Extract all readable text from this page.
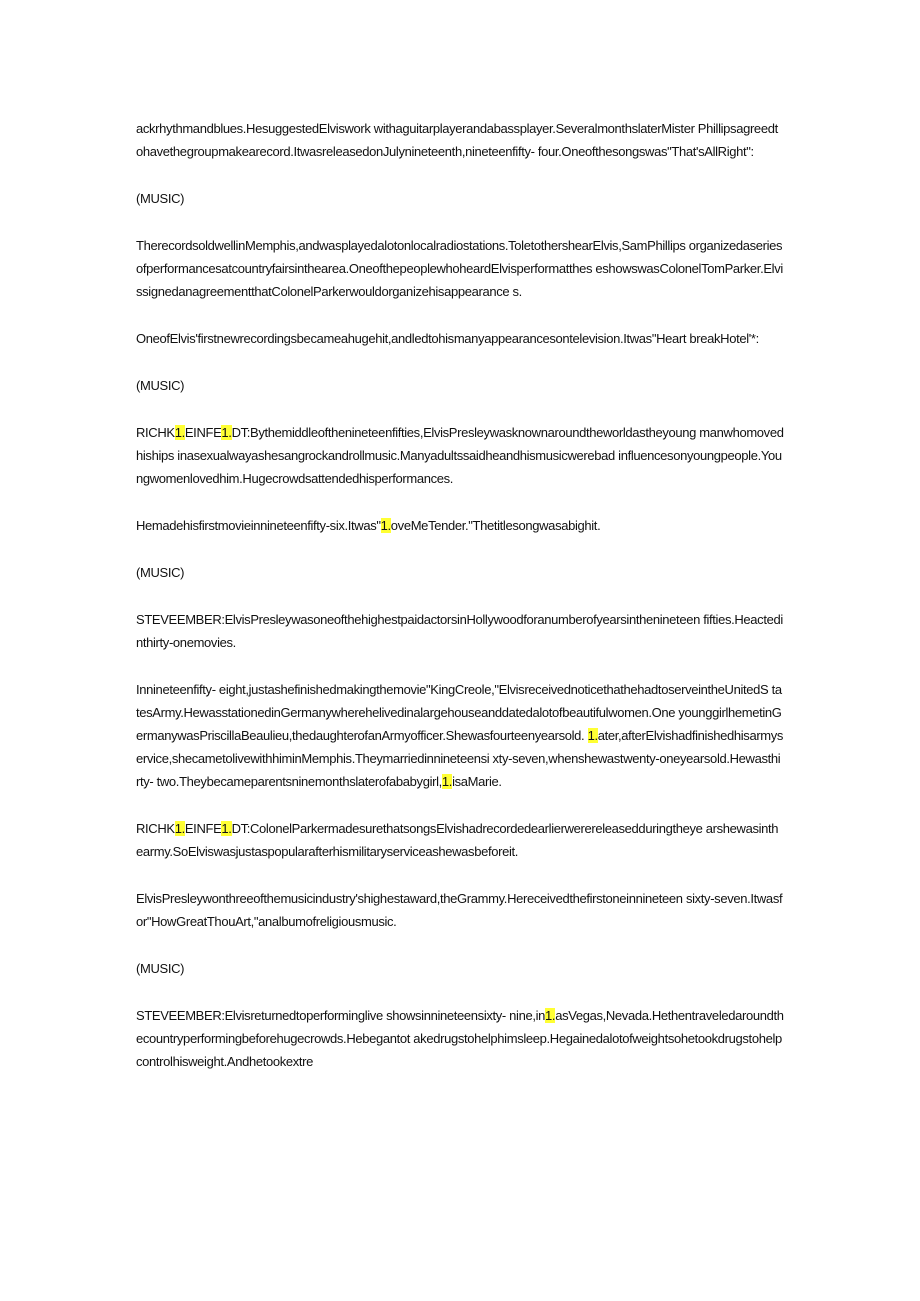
ackrhythmandblues.HesuggestedElviswork withaguitarplayerandabassplayer.SeveralmonthslaterMister Phillipsagreedtohavethegroupmakearecord.ItwasreleasedonJulynineteenth,nineteenfifty- four.Oneofthesongswas"That'sAllRight":

(MUSIC)

TherecordsoldwellinMemphis,andwasplayedalotonlocalradiostations.ToletothershearElvis,SamPhillips organizedaseriesofperformancesatcountryfairsinthearea.OneofthepeoplewhoheardElvisperformatthes eshowswasColonelTomParker.ElvissignedanagreementthatColonelParkerwouldorganizehisappearance s.

OneofElvis'firstnewrecordingsbecameahugehit,andledtohismanyappearancesontelevision.Itwas"Heart breakHotel'*:

(MUSIC)

RICHK1.EINFE1.DT:Bythemiddleofthenineteenfifties,ElvisPresleywasknownaroundtheworldastheyoung manwhomovedhiships inasexualwayashesangrockandrollmusic.Manyadultssaidheandhismusicwerebad influencesonyoungpeople.Youngwomenlovedhim.Hugecrowdsattendedhisperformances.

Hemadehisfirstmovieinnineteenfifty-six.Itwas"1.oveMeTender."Thetitlesongwasabighit.

(MUSIC)

STEVEEMBER:ElvisPresleywasoneofthehighestpaidactorsinHollywoodforanumberofyearsinthenineteen fifties.Heactedinthirty-onemovies.

Innineteenfifty- eight,justashefinishedmakingthemovie"KingCreole,"ElvisreceivednoticethathehadtoserveintheUnitedS tatesArmy.HewasstationedinGermanywherehelivedinalargehouseanddatedalotofbeautifulwomen.One younggirlhemetinGermanywasPriscillaBeaulieu,thedaughterofanArmyofficer.Shewasfourteenyearsold. 1.ater,afterElvishadfinishedhisarmyservice,shecametolivewithhiminMemphis.Theymarriedinnineteensi xty-seven,whenshewastwenty-oneyearsold.Hewasthirty- two.Theybecameparentsninemonthslaterofababygirl,1.isaMarie.

RICHK1.EINFE1.DT:ColonelParkermadesurethatsongsElvishadrecordedearlierwerereleasedduringtheye arshewasinthearmy.SoElviswasjustaspopularafterhismilitaryserviceashewasbeforeit.

ElvisPresleywonthreeofthemusicindustry'shighestaward,theGrammy.Hereceivedthefirstoneinnineteen sixty-seven.Itwasfor"HowGreatThouArt,"analbumofreligiousmusic.

(MUSIC)

STEVEEMBER:Elvisreturnedtoperforminglive showsinnineteensixty- nine,in1.asVegas,Nevada.Hethentraveledaroundthecountryperformingbeforehugecrowds.Hebegantot akedrugstohelphimsleep.Hegainedalotofweightsohetookdrugstohelpcontrolhisweight.Andhetookextre
